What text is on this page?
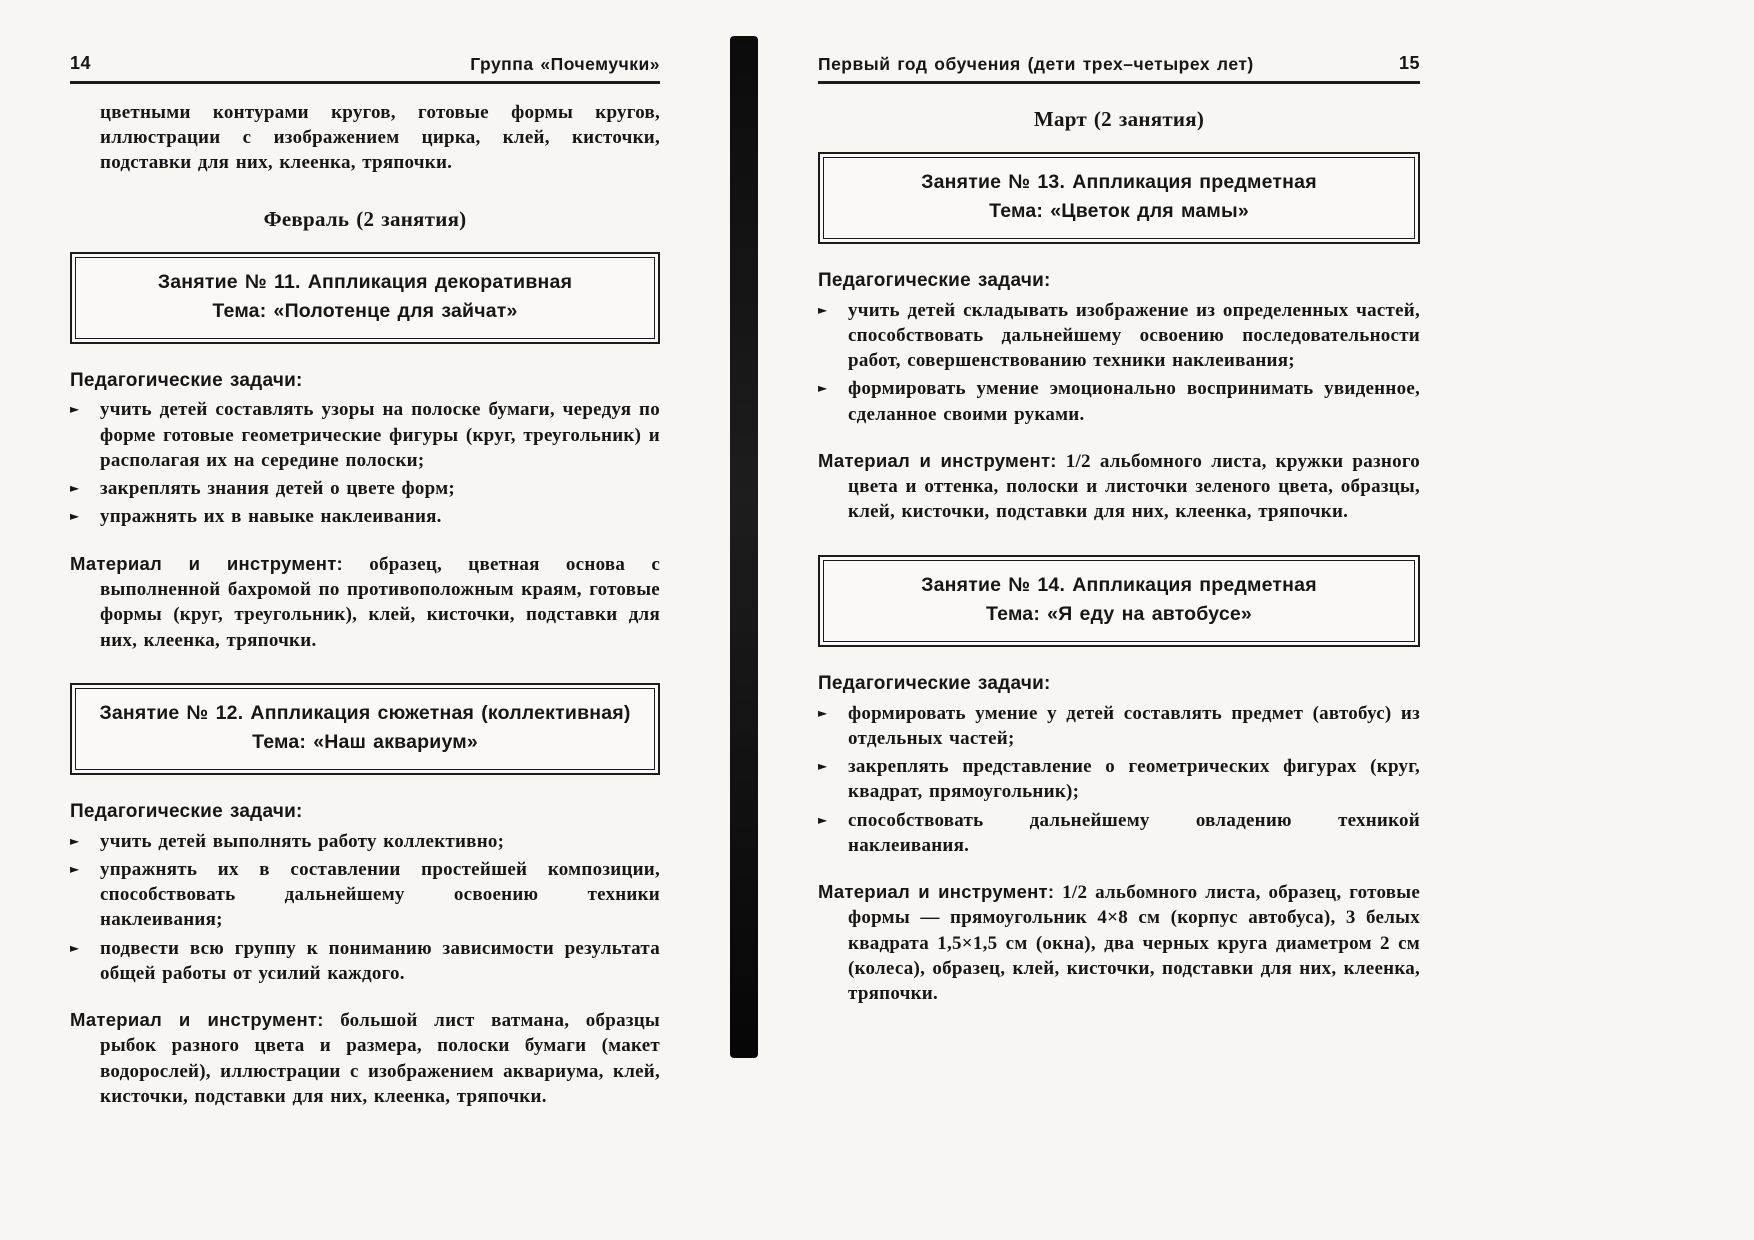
14	Группа «Почемучки»

цветными контурами кругов, готовые формы кругов, иллюстрации с изображением цирка, клей, кисточки, подставки для них, клеенка, тряпочки.

Февраль (2 занятия)
Занятие № 11. Аппликация декоративная
Тема: «Полотенце для зайчат»

Педагогические задачи:

► учить детей составлять узоры на полоске бумаги, чередуя по форме готовые геометрические фигуры (круг, треугольник) и располагая их на середине полоски;
► закреплять знания детей о цвете форм;
► упражнять их в навыке наклеивания.

Материал и инструмент: образец, цветная основа с выполненной бахромой по противоположным краям, готовые формы (круг, треугольник), клей, кисточки, подставки для них, клеенка, тряпочки.

Занятие № 12. Аппликация сюжетная (коллективная)
Тема: «Наш аквариум»

Педагогические задачи:

► учить детей выполнять работу коллективно;
► упражнять их в составлении простейшей композиции, способствовать дальнейшему освоению техники наклеивания;
► подвести всю группу к пониманию зависимости результата общей работы от усилий каждого.

Материал и инструмент: большой лист ватмана, образцы рыбок разного цвета и размера, полоски бумаги (макет водорослей), иллюстрации с изображением аквариума, клей, кисточки, подставки для них, клеенка, тряпочки.

Первый год обучения (дети трех–четырех лет)	15
Март (2 занятия)
Занятие № 13. Аппликация предметная
Тема: «Цветок для мамы»

Педагогические задачи:

► учить детей складывать изображение из определенных частей, способствовать дальнейшему освоению последовательности работ, совершенствованию техники наклеивания;
► формировать умение эмоционально воспринимать увиденное, сделанное своими руками.

Материал и инструмент: 1/2 альбомного листа, кружки разного цвета и оттенка, полоски и листочки зеленого цвета, образцы, клей, кисточки, подставки для них, клеенка, тряпочки.

Занятие № 14. Аппликация предметная
Тема: «Я еду на автобусе»

Педагогические задачи:

► формировать умение у детей составлять предмет (автобус) из отдельных частей;
► закреплять представление о геометрических фигурах (круг, квадрат, прямоугольник);
► способствовать дальнейшему овладению техникой наклеивания.

Материал и инструмент: 1/2 альбомного листа, образец, готовые формы — прямоугольник 4×8 см (корпус автобуса), 3 белых квадрата 1,5×1,5 см (окна), два черных круга диаметром 2 см (колеса), образец, клей, кисточки, подставки для них, клеенка, тряпочки.
